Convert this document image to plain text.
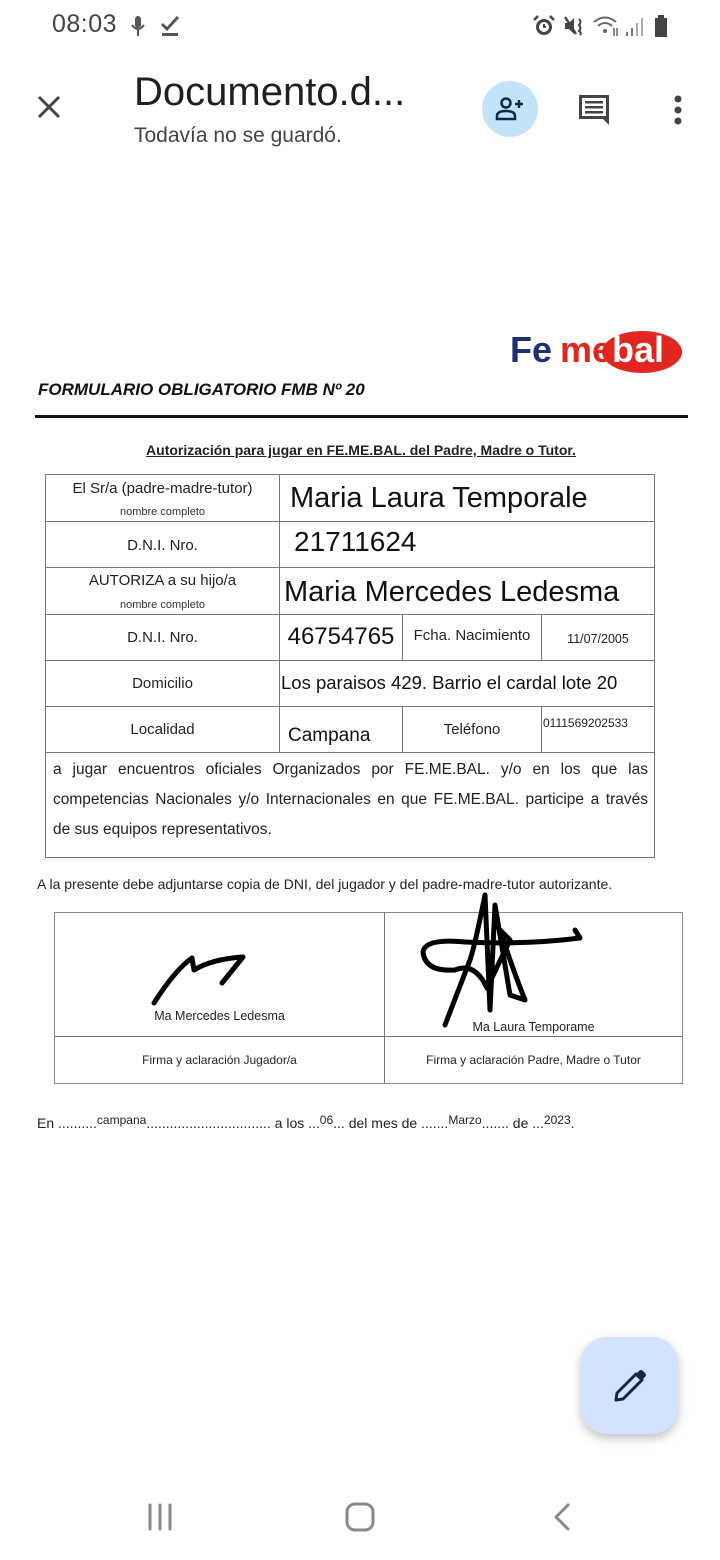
08:03
Documento.d...
Todavía no se guardó.
Fe me bal
FORMULARIO OBLIGATORIO FMB Nº 20
Autorización para jugar en FE.ME.BAL. del Padre, Madre o Tutor.
El Sr/a (padre-madre-tutor)
nombre completo	Maria Laura Temporale
D.N.I. Nro.	21711624
AUTORIZA a su hijo/a
nombre completo	Maria Mercedes Ledesma
D.N.I. Nro.	46754765	Fcha. Nacimiento	11/07/2005
Domicilio	Los paraisos 429. Barrio el cardal lote 20
Localidad	Campana	Teléfono	0111569202533
a jugar encuentros oficiales Organizados por FE.ME.BAL. y/o en los que las competencias Nacionales y/o Internacionales en que FE.ME.BAL. participe a través de sus equipos representativos.
A la presente debe adjuntarse copia de DNI, del jugador y del padre-madre-tutor autorizante.
Ma Mercedes Ledesma
Ma Laura Temporame
Firma y aclaración Jugador/a	Firma y aclaración Padre, Madre o Tutor
En ..........campana................................ a los ...06... del mes de .......Marzo....... de ...2023.
